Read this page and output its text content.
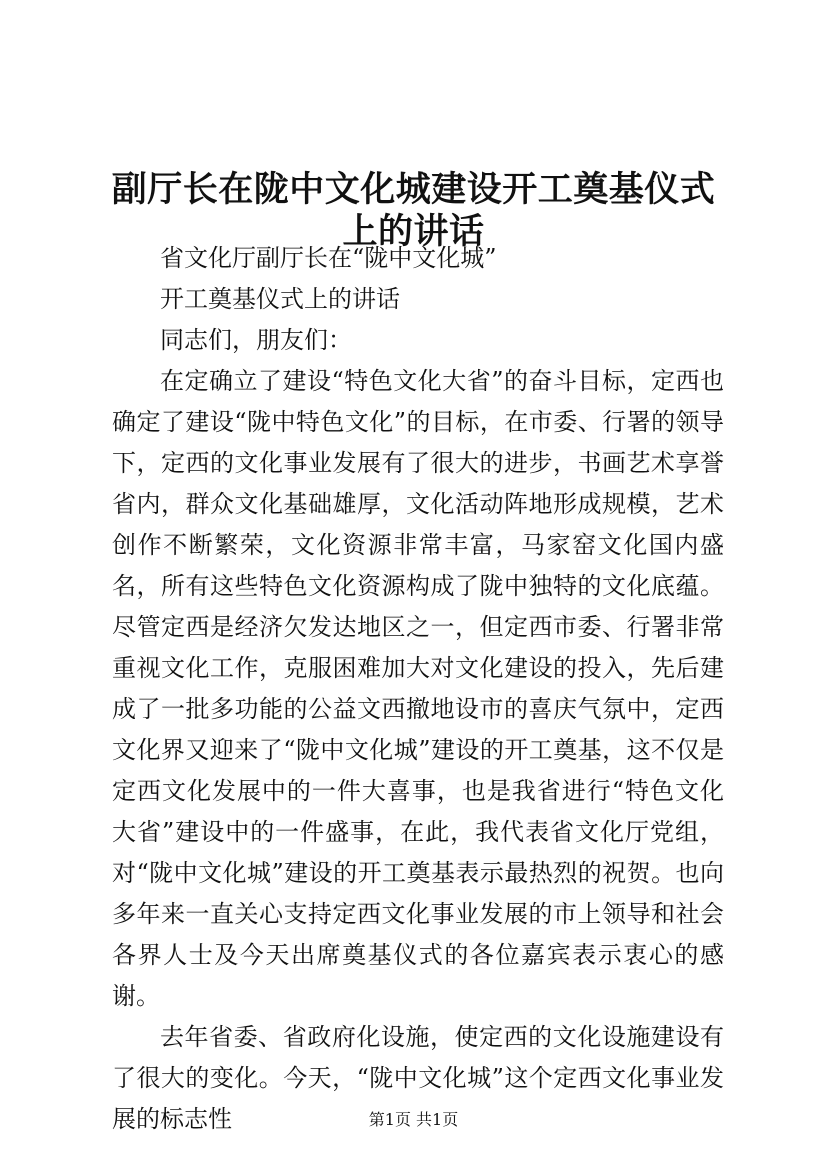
副厅长在陇中文化城建设开工奠基仪式上的讲话

省文化厅副厅长在“陇中文化城”

开工奠基仪式上的讲话

同志们，朋友们：

在定确立了建设“特色文化大省”的奋斗目标，定西也确定了建设“陇中特色文化”的目标，在市委、行署的领导下，定西的文化事业发展有了很大的进步，书画艺术享誉省内，群众文化基础雄厚，文化活动阵地形成规模，艺术创作不断繁荣，文化资源非常丰富，马家窑文化国内盛名，所有这些特色文化资源构成了陇中独特的文化底蕴。尽管定西是经济欠发达地区之一，但定西市委、行署非常重视文化工作，克服困难加大对文化建设的投入，先后建成了一批多功能的公益文西撤地设市的喜庆气氛中，定西文化界又迎来了“陇中文化城”建设的开工奠基，这不仅是定西文化发展中的一件大喜事，也是我省进行“特色文化大省”建设中的一件盛事，在此，我代表省文化厅党组，对“陇中文化城”建设的开工奠基表示最热烈的祝贺。也向多年来一直关心支持定西文化事业发展的市上领导和社会各界人士及今天出席奠基仪式的各位嘉宾表示衷心的感谢。

去年省委、省政府化设施，使定西的文化设施建设有了很大的变化。今天，“陇中文化城”这个定西文化事业发展的标志性	第1页 共1页
